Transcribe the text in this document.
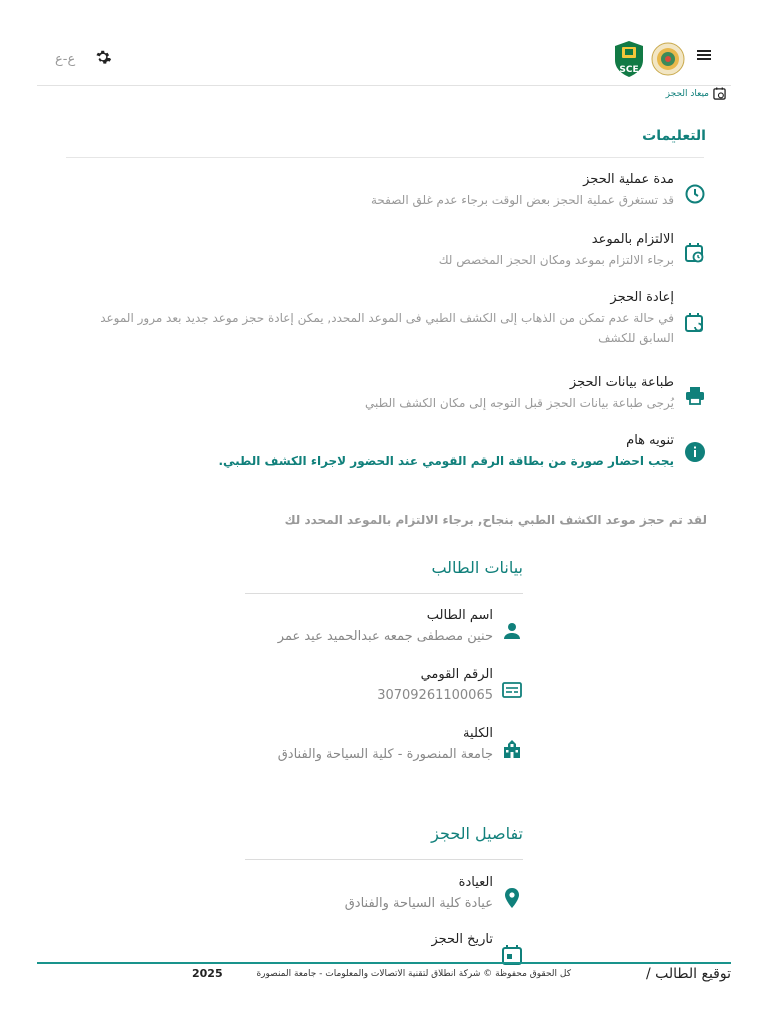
SCE
ع-ع
ميعاد الحجز
التعليمات
مدة عملية الحجز
قد تستغرق عملية الحجز بعض الوقت برجاء عدم غلق الصفحة
الالتزام بالموعد
برجاء الالتزام بموعد ومكان الحجز المخصص لك
إعادة الحجز
في حالة عدم تمكن من الذهاب إلى الكشف الطبي فى الموعد المحدد, يمكن إعادة حجز موعد جديد بعد مرور الموعد السابق للكشف
طباعة بيانات الحجز
يُرجى طباعة بيانات الحجز قبل التوجه إلى مكان الكشف الطبي
تنويه هام
يجب احضار صورة من بطاقة الرقم القومي عند الحضور لاجراء الكشف الطبي.
لقد تم حجز موعد الكشف الطبي بنجاح, برجاء الالتزام بالموعد المحدد لك
بيانات الطالب
اسم الطالب
حنين مصطفى جمعه عبدالحميد عيد عمر
الرقم القومي
30709261100065
الكلية
جامعة المنصورة - كلية السياحة والفنادق
تفاصيل الحجز
العيادة
عيادة كلية السياحة والفنادق
تاريخ الحجز
توقيع الطالب /
كل الحقوق محفوظة © شركة انطلاق لتقنية الاتصالات والمعلومات - جامعة المنصورة
2025
